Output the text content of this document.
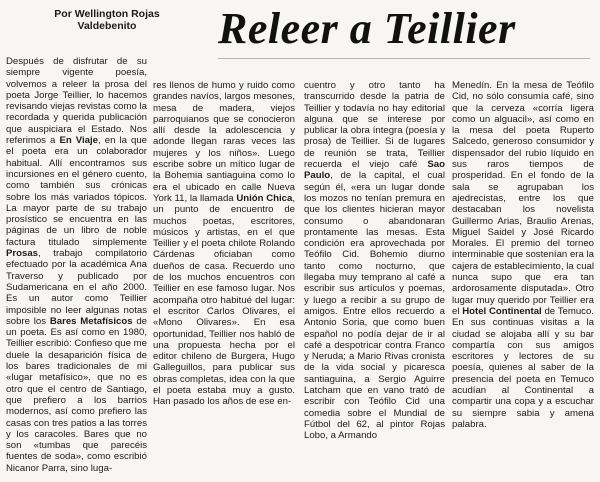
Por Wellington Rojas
Valdebenito	Releer a Teillier

Después de disfrutar de su siempre vigente poesía, volvemos a releer la prosa del poeta Jorge Teillier, lo hacemos revisando viejas revistas como la recordada y querida publicación que auspiciara el Estado. Nos referimos a En Viaje, en la que el poeta era un colaborador habitual. Allí encontramos sus incursiones en el género cuento, como también sus crónicas sobre los más variados tópicos. La mayor parte de su trabajo prosístico se encuentra en las páginas de un libro de noble factura titulado simplemente Prosas, trabajo compilatorio efectuado por la académica Ana Traverso y publicado por Sudamericana en el año 2000. Es un autor como Teillier imposible no leer algunas notas sobre los Bares Metafísicos de un poeta. Es así como en 1980, Teillier escribió: Confieso que me duele la desaparición física de los bares tradicionales de mi «lugar metafísico», que no es otro que el centro de Santiago, que prefiero a los barrios modernos, así como prefiero las casas con tres patios a las torres y los caracoles. Bares que no son «tumbas que parecéis fuentes de soda», como escribió Nicanor Parra, sino luga-

res llenos de humo y ruido como grandes navíos, largos mesones, mesa de madera, viejos parroquianos que se conocieron allí desde la adolescencia y adonde llegan raras veces las mujeres y los niños». Luego escribe sobre un mítico lugar de la Bohemia santiaguina como lo era el ubicado en calle Nueva York 11, la llamada Unión Chica, un punto de encuentro de muchos poetas, escritores, músicos y artistas, en el que Teillier y el poeta chilote Rolando Cárdenas oficiaban como dueños de casa. Recuerdo uno de los muchos encuentros con Teillier en ese famoso lugar. Nos acompaña otro habitué del lugar: el escritor Carlos Olivares, el «Mono Olivares». En esa oportunidad, Teillier nos habló de una propuesta hecha por el editor chileno de Burgera, Hugo Galleguillos, para publicar sus obras completas, idea con la que el poeta estaba muy a gusto. Han pasado los años de ese en-

cuentro y otro tanto ha transcurrido desde la patria de Teillier y todavía no hay editorial alguna que se interese por publicar la obra íntegra (poesía y prosa) de Teillier. Si de lugares de reunión se trata, Teillier recuerda el viejo café Sao Paulo, de la capital, el cual según él, «era un lugar donde los mozos no tenían premura en que los clientes hicieran mayor consumo o abandonaran prontamente las mesas. Esta condición era aprovechada por Teófilo Cid. Bohemio diurno tanto como nocturno, que llegaba muy temprano al café a escribir sus artículos y poemas, y luego a recibir a su grupo de amigos. Entre ellos recuerdo a Antonio Soria, que como buen español no podía dejar de ir al café a despotricar contra Franco y Neruda; a Mario Rivas cronista de la vida social y picaresca santiaguina, a Sergio Aguirre Latcham que en vano trató de escribir con Teófilo Cid una comedia sobre el Mundial de Fútbol del 62, al pintor Rojas Lobo, a Armando

Menedín. En la mesa de Teófilo Cid, no sólo consumía café, sino que la cerveza «corría ligera como un alguacil», así como en la mesa del poeta Ruperto Salcedo, generoso consumidor y dispensador del rubio líquido en sus raros tiempos de prosperidad. En el fondo de la sala se agrupaban los ajedrecistas, entre los que destacaban los novelista Guillermo Arias, Braulio Arenas, Miguel Saidel y José Ricardo Morales. El premio del torneo interminable que sostenían era la cajera de establecimiento, la cual nunca supo que era tan ardorosamente disputada». Otro lugar muy querido por Teillier era el Hotel Continental de Temuco. En sus continuas visitas a la ciudad se alojaba allí y su bar compartía con sus amigos escritores y lectores de su poesía, quienes al saber de la presencia del poeta en Temuco acudían al Continental a compartir una copa y a escuchar su siempre sabia y amena palabra.
